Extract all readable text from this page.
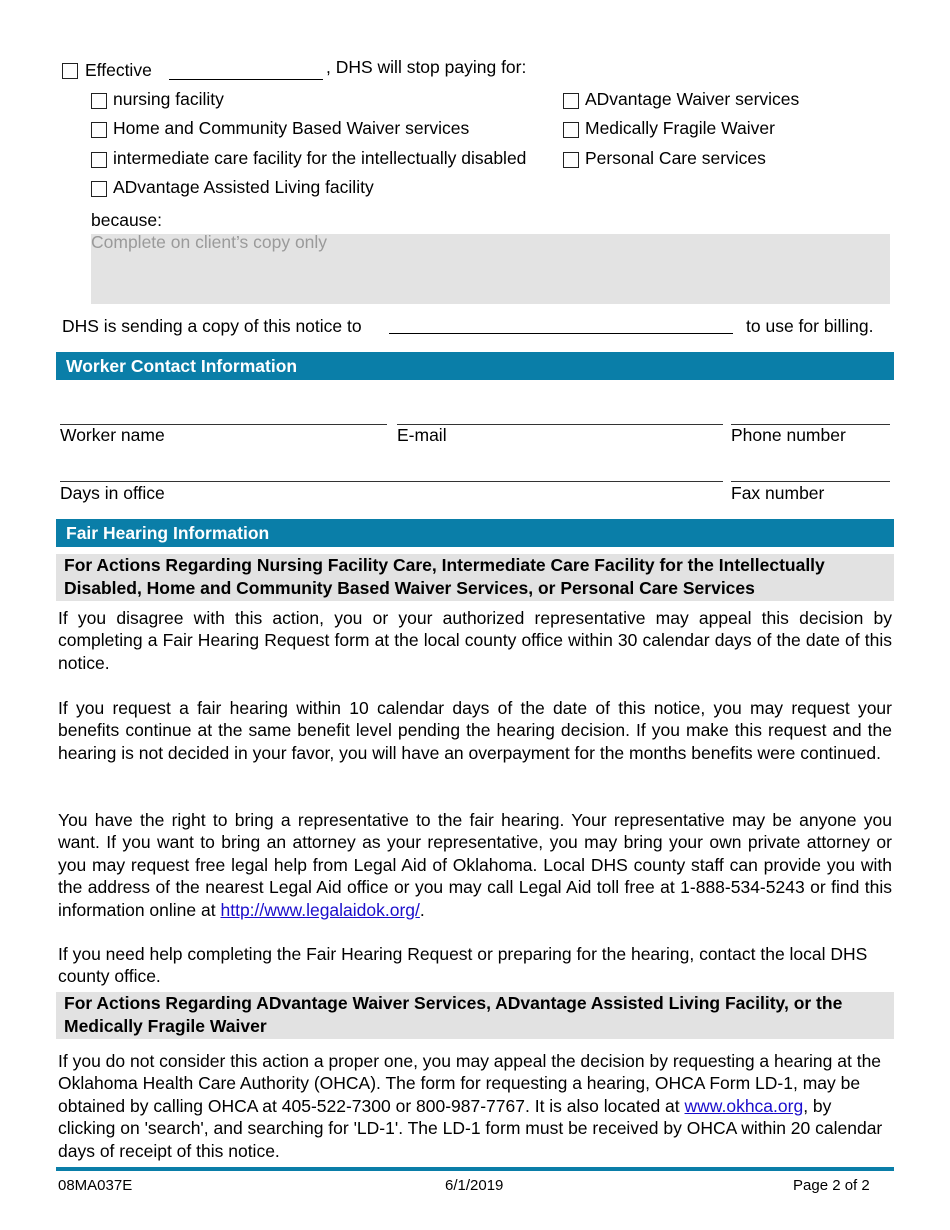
Effective	, DHS will stop paying for:
nursing facility
Home and Community Based Waiver services
intermediate care facility for the intellectually disabled
ADvantage Assisted Living facility
ADvantage Waiver services
Medically Fragile Waiver
Personal Care services
because:
Complete on client’s copy only
DHS is sending a copy of this notice to	to use for billing.
Worker Contact Information
Worker name	E-mail	Phone number
Days in office	Fax number
Fair Hearing Information
For Actions Regarding Nursing Facility Care, Intermediate Care Facility for the Intellectually Disabled, Home and Community Based Waiver Services, or Personal Care Services
If you disagree with this action, you or your authorized representative may appeal this decision by completing a Fair Hearing Request form at the local county office within 30 calendar days of the date of this notice.
If you request a fair hearing within 10 calendar days of the date of this notice, you may request your benefits continue at the same benefit level pending the hearing decision. If you make this request and the hearing is not decided in your favor, you will have an overpayment for the months benefits were continued.
You have the right to bring a representative to the fair hearing. Your representative may be anyone you want. If you want to bring an attorney as your representative, you may bring your own private attorney or you may request free legal help from Legal Aid of Oklahoma. Local DHS county staff can provide you with the address of the nearest Legal Aid office or you may call Legal Aid toll free at 1-888-534-5243 or find this information online at http://www.legalaidok.org/.
If you need help completing the Fair Hearing Request or preparing for the hearing, contact the local DHS county office.
For Actions Regarding ADvantage Waiver Services, ADvantage Assisted Living Facility, or the Medically Fragile Waiver
If you do not consider this action a proper one, you may appeal the decision by requesting a hearing at the Oklahoma Health Care Authority (OHCA). The form for requesting a hearing, OHCA Form LD-1, may be obtained by calling OHCA at 405-522-7300 or 800-987-7767. It is also located at www.okhca.org, by clicking on 'search', and searching for 'LD-1'. The LD-1 form must be received by OHCA within 20 calendar days of receipt of this notice.
08MA037E	6/1/2019	Page 2 of 2
